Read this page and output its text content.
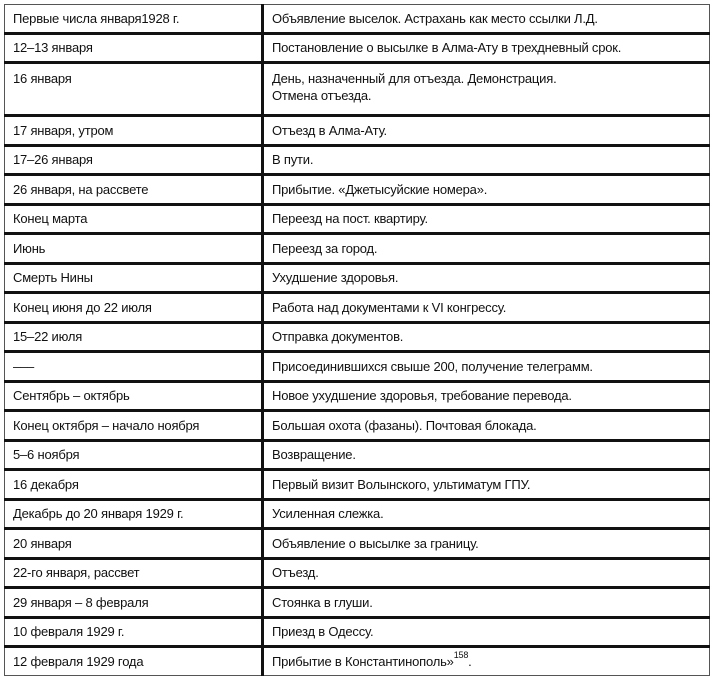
Первые числа января1928 г.	Объявление выселок. Астрахань как место ссылки Л.Д.
12–13 января	Постановление о высылке в Алма-Ату в трехдневный срок.
16 января	День, назначенный для отъезда. Демонстрация.
Отмена отъезда.

17 января, утром	Отъезд в Алма-Ату.
17–26 января	В пути.
26 января, на рассвете	Прибытие. «Джетысуйские номера».
Конец марта	Переезд на пост. квартиру.
Июнь	Переезд за город.
Смерть Нины	Ухудшение здоровья.
Конец июня до 22 июля	Работа над документами к VI конгрессу.
15–22 июля	Отправка документов.
–––	Присоединившихся свыше 200, получение телеграмм.
Сентябрь – октябрь	Новое ухудшение здоровья, требование перевода.
Конец октября – начало ноября	Большая охота (фазаны). Почтовая блокада.
5–6 ноября	Возвращение.
16 декабря	Первый визит Волынского, ультиматум ГПУ.
Декабрь до 20 января 1929 г.	Усиленная слежка.
20 января	Объявление о высылке за границу.
22-го января, рассвет	Отъезд.
29 января – 8 февраля	Стоянка в глуши.
10 февраля 1929 г.	Приезд в Одессу.
12 февраля 1929 года	Прибытие в Константинополь»$^{158}$.
